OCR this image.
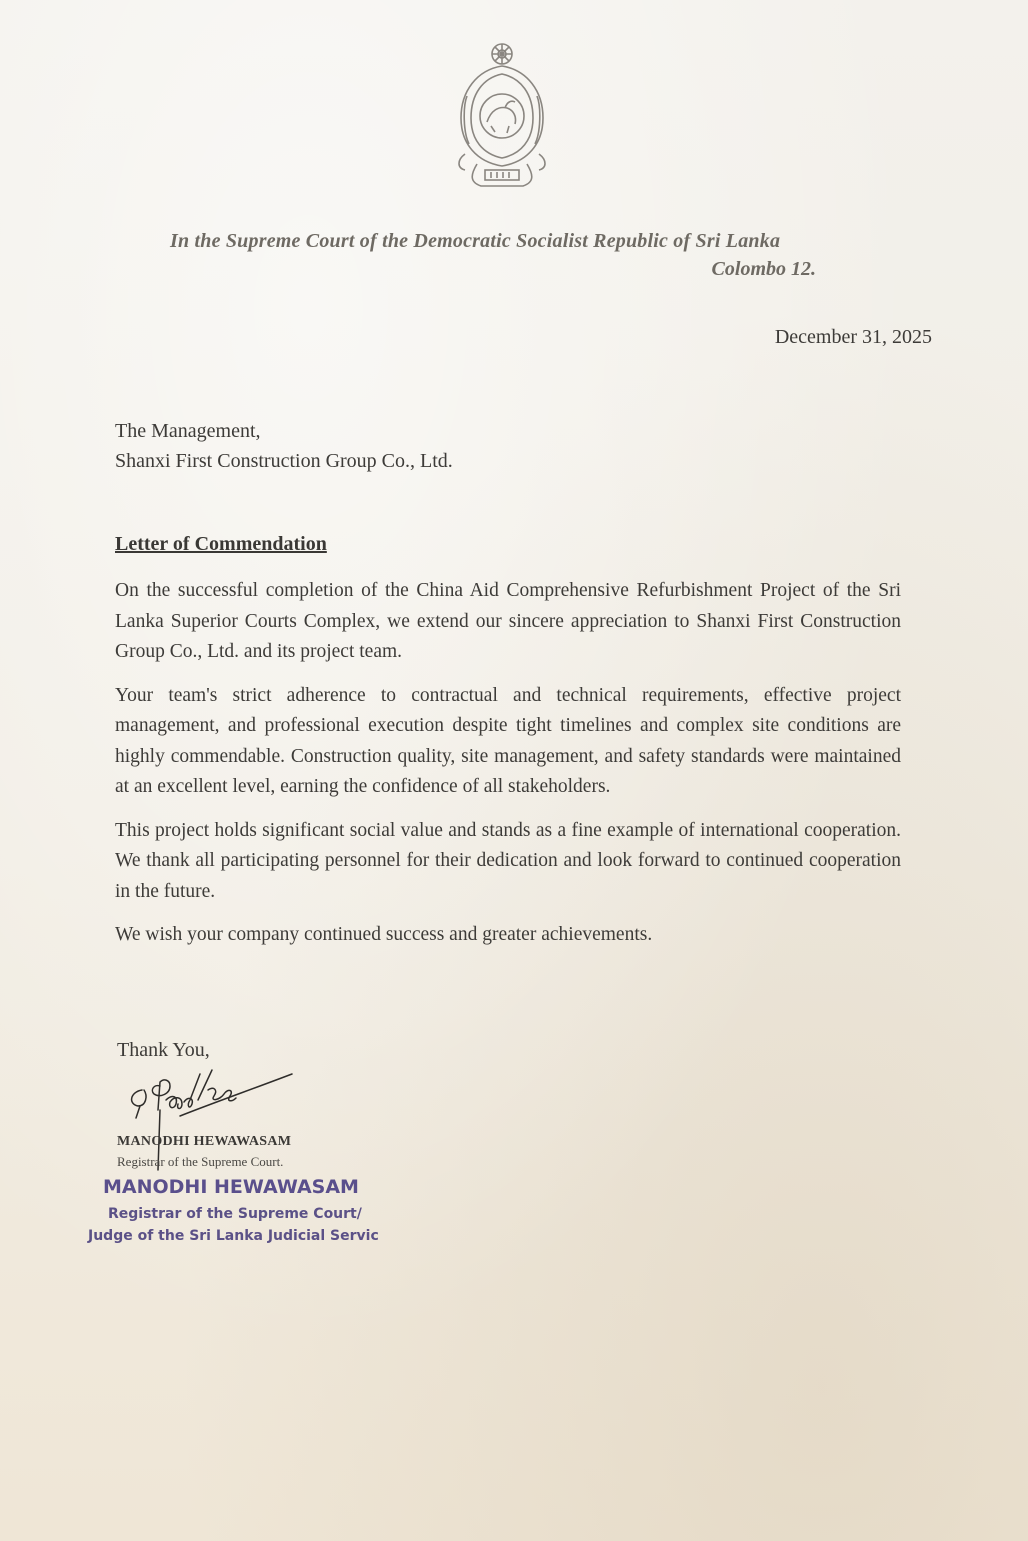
In the Supreme Court of the Democratic Socialist Republic of Sri Lanka
Colombo 12.
December 31, 2025
The Management,
Shanxi First Construction Group Co., Ltd.
Letter of Commendation

On the successful completion of the China Aid Comprehensive Refurbishment Project of the Sri Lanka Superior Courts Complex, we extend our sincere appreciation to Shanxi First Construction Group Co., Ltd. and its project team.

Your team's strict adherence to contractual and technical requirements, effective project management, and professional execution despite tight timelines and complex site conditions are highly commendable. Construction quality, site management, and safety standards were maintained at an excellent level, earning the confidence of all stakeholders.

This project holds significant social value and stands as a fine example of international cooperation. We thank all participating personnel for their dedication and look forward to continued cooperation in the future.

We wish your company continued success and greater achievements.

Thank You,
MANODHI HEWAWASAM
Registrar of the Supreme Court.
MANODHI HEWAWASAM
Registrar of the Supreme Court/
Judge of the Sri Lanka Judicial Servic
